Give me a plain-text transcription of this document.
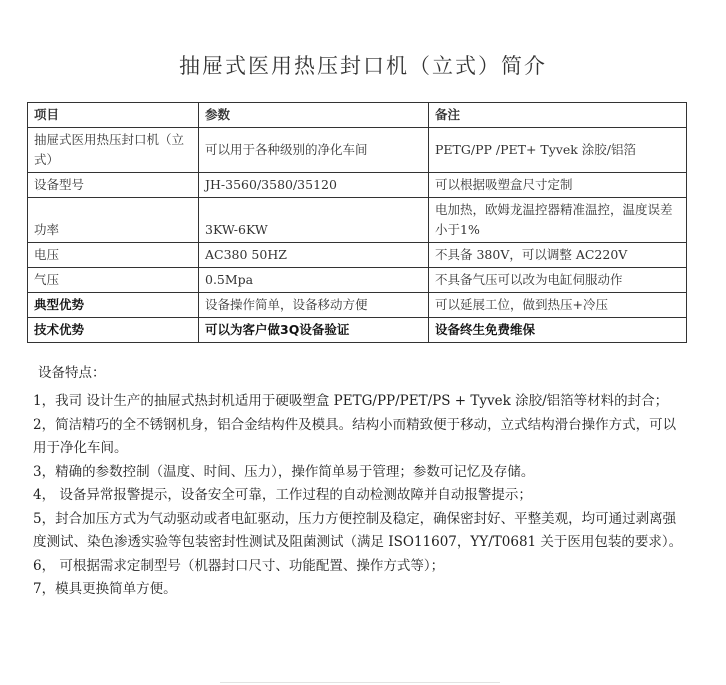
抽屉式医用热压封口机（立式）简介
项目	参数	备注
抽屉式医用热压封口机（立式）	可以用于各种级别的净化车间	PETG/PP /PET+ Tyvek 涂胶/铝箔
设备型号	JH-3560/3580/35120	可以根据吸塑盒尺寸定制
功率	3KW-6KW	电加热，欧姆龙温控器精准温控，温度误差小于1%
电压	AC380 50HZ	不具备 380V，可以调整 AC220V
气压	0.5Mpa	不具备气压可以改为电缸伺服动作
典型优势	设备操作简单，设备移动方便	可以延展工位，做到热压+冷压
技术优势	可以为客户做3Q设备验证	设备终生免费维保
设备特点：
1，我司 设计生产的抽屉式热封机适用于硬吸塑盒 PETG/PP/PET/PS + Tyvek 涂胶/铝箔等材料的封合；
2，简洁精巧的全不锈钢机身，铝合金结构件及模具。结构小而精致便于移动，立式结构滑台操作方式，可以用于净化车间。
3，精确的参数控制（温度、时间、压力），操作简单易于管理；参数可记忆及存储。
4， 设备异常报警提示，设备安全可靠，工作过程的自动检测故障并自动报警提示；
5，封合加压方式为气动驱动或者电缸驱动，压力方便控制及稳定，确保密封好、平整美观，均可通过剥离强度测试、染色渗透实验等包装密封性测试及阻菌测试（满足 ISO11607，YY/T0681 关于医用包装的要求）。
6， 可根据需求定制型号（机器封口尺寸、功能配置、操作方式等）；
7，模具更换简单方便。
